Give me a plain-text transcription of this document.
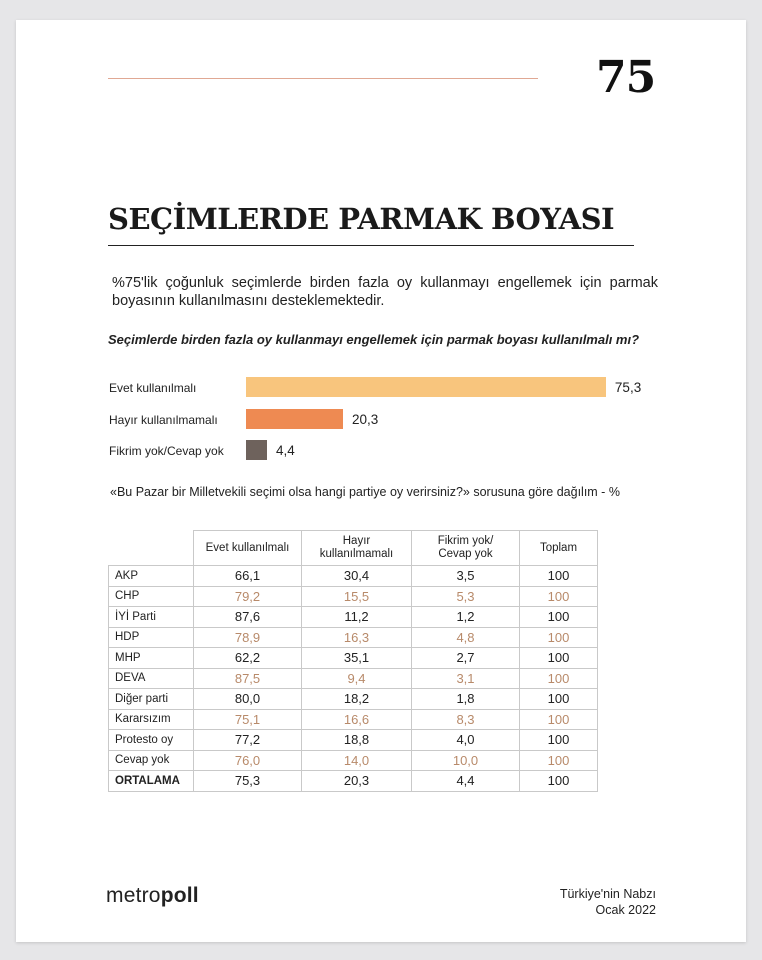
75
SEÇİMLERDE PARMAK BOYASI
%75'lik çoğunluk seçimlerde birden fazla oy kullanmayı engellemek için parmak boyasının kullanılmasını desteklemektedir.
Seçimlerde birden fazla oy kullanmayı engellemek için parmak boyası kullanılmalı mı?
Evet kullanılmalı	75,3
Hayır kullanılmamalı	20,3
Fikrim yok/Cevap yok	4,4
«Bu Pazar bir Milletvekili seçimi olsa hangi partiye oy verirsiniz?» sorusuna göre dağılım - %
	Evet kullanılmalı	Hayır kullanılmamalı	Fikrim yok/ Cevap yok	Toplam
AKP	66,1	30,4	3,5	100
CHP	79,2	15,5	5,3	100
İYİ Parti	87,6	11,2	1,2	100
HDP	78,9	16,3	4,8	100
MHP	62,2	35,1	2,7	100
DEVA	87,5	9,4	3,1	100
Diğer parti	80,0	18,2	1,8	100
Kararsızım	75,1	16,6	8,3	100
Protesto oy	77,2	18,8	4,0	100
Cevap yok	76,0	14,0	10,0	100
ORTALAMA	75,3	20,3	4,4	100
metropoll	Türkiye'nin Nabzı
Ocak 2022
